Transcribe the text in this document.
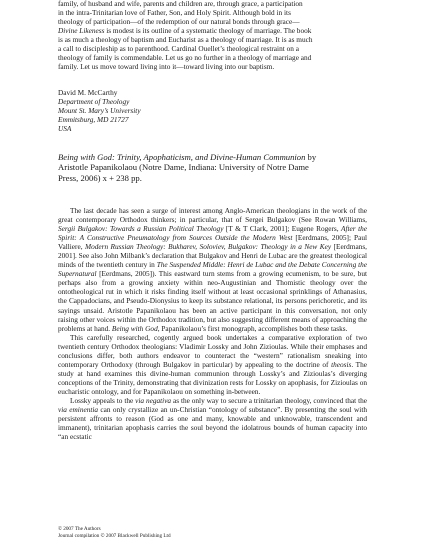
family, of husband and wife, parents and children are, through grace, a participation

in the intra-Trinitarian love of Father, Son, and Holy Spirit. Although bold in its

theology of participation—of the redemption of our natural bonds through grace—

Divine Likeness is modest is its outline of a systematic theology of marriage. The book

is as much a theology of baptism and Eucharist as a theology of marriage. It is as much

a call to discipleship as to parenthood. Cardinal Ouellet’s theological restraint on a

theology of family is commendable. Let us go no further in a theology of marriage and

family. Let us move toward living into it—toward living into our baptism.

David M. McCarthy

Department of Theology

Mount St. Mary’s University

Emmitsburg, MD 21727

USA

Being with God: Trinity, Apophaticism, and Divine-Human Communion by

Aristotle Papanikolaou (Notre Dame, Indiana: University of Notre Dame

Press, 2006) x + 238 pp.

The last decade has seen a surge of interest among Anglo-American theologians in the work of the great contemporary Orthodox thinkers; in particular, that of Sergei Bulgakov (See Rowan Williams, Sergii Bulgakov: Towards a Russian Political Theology [T & T Clark, 2001]; Eugene Rogers, After the Spirit: A Constructive Pneumatology from Sources Outside the Modern West [Eerdmans, 2005]; Paul Valliere, Modern Russian Theology: Bukharev, Soloviev, Bulgakov: Theology in a New Key [Eerdmans, 2001]. See also John Milbank’s declaration that Bulgakov and Henri de Lubac are the greatest theological minds of the twentieth century in The Suspended Middle: Henri de Lubac and the Debate Concerning the Supernatural [Eerdmans, 2005]). This eastward turn stems from a growing ecumenism, to be sure, but perhaps also from a growing anxiety within neo-Augustinian and Thomistic theology over the ontotheological rut in which it risks finding itself without at least occasional sprinklings of Athanasius, the Cappadocians, and Pseudo-Dionysius to keep its substance relational, its persons perichoretic, and its sayings unsaid. Aristotle Papanikolaou has been an active participant in this conversation, not only raising other voices within the Orthodox tradition, but also suggesting different means of approaching the problems at hand. Being with God, Papanikolaou’s first monograph, accomplishes both these tasks.

This carefully researched, cogently argued book undertakes a comparative exploration of two twentieth century Orthodox theologians: Vladimir Lossky and John Zizioulas. While their emphases and conclusions differ, both authors endeavor to counteract the “western” rationalism sneaking into contemporary Orthodoxy (through Bulgakov in particular) by appealing to the doctrine of theosis. The study at hand examines this divine-human communion through Lossky’s and Zizioulas’s diverging conceptions of the Trinity, demonstrating that divinization rests for Lossky on apophasis, for Zizioulas on eucharistic ontology, and for Papanikolaou on something in-between.

Lossky appeals to the via negativa as the only way to secure a trinitarian theology, convinced that the via eminentia can only crystallize an un-Christian “ontology of substance”. By presenting the soul with persistent affronts to reason (God as one and many, knowable and unknowable, transcendent and immanent), trinitarian apophasis carries the soul beyond the idolatrous bounds of human capacity into “an ecstatic

© 2007 The Authors
Journal compilation © 2007 Blackwell Publishing Ltd
